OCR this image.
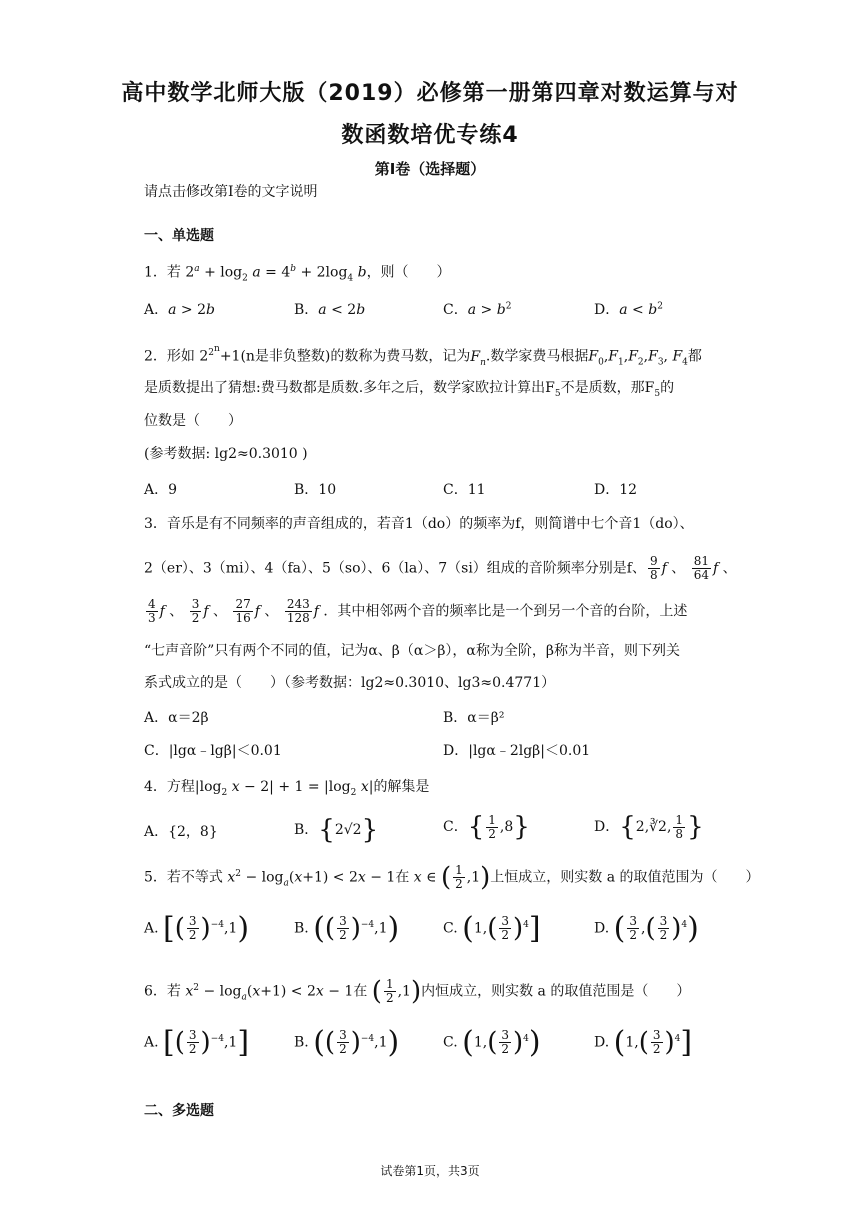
高中数学北师大版（2019）必修第一册第四章对数运算与对
数函数培优专练4
第I卷（选择题）
请点击修改第I卷的文字说明
一、单选题
1．若 $2^a + \log_2 a = 4^b + 2\log_4$ b，则（　　）
A．a > 2b	B．a < 2b	C．$a > b^2$	D．$a < b^2$
2．形如 $2^{2^n}+1(n$是非负整数)的数称为费马数，记为$F_n$.数学家费马根据$F_0,F_1,F_2,F_3$, $F_4$都
是质数提出了猜想:费马数都是质数.多年之后，数学家欧拉计算出$F_5$不是质数，那$F_5$的
位数是（　　）
(参考数据: lg2≈0.3010 )
A．9	B．10	C．11	D．12
3．音乐是有不同频率的声音组成的，若音1（do）的频率为f，则简谱中七个音1（do）、
2（er）、3（mi）、4（fa）、5（so）、6（la）、7（si）组成的音阶频率分别是f、 $\frac{9}{8}$ f 、 $\frac{81}{64}$ f 、
$\frac{4}{3}$ f 、 $\frac{3}{2}$ f 、 $\frac{27}{16}$ f 、 $\frac{243}{128}$ f ．其中相邻两个音的频率比是一个到另一个音的台阶，上述
“七声音阶”只有两个不同的值，记为α、β（α＞β），α称为全阶，β称为半音，则下列关
系式成立的是（　　）（参考数据：lg2≈0.3010、lg3≈0.4771）
A．α＝2β	B．α＝β²
C．|lgα﹣lgβ|＜0.01	D．|lgα﹣2lgβ|＜0.01
4．方程$|\log_2$ $x - 2| + 1 = |\log_2$ x|的解集是
A．{2，8}	B．{2√2}	C．{ $\frac{1}{2} ,8$}	D．{2,∛2, $\frac{1}{8}$ }
5．若不等式 $x^2 - \log_a(x+1) < 2x - 1$在 x ∈ ( $\frac{1}{2} ,1$)上恒成立，则实数 a 的取值范围为（　　）
A. [( $\frac{3}{2} )^{-4},1$)	B. (( $\frac{3}{2} )^{-4},1$)	C. $(1,( \frac{3}{2} )^4]$	D. ( $\frac{3}{2}$ ,( $\frac{3}{2} )^4$)
6．若 $x^2 - \log_a(x+1) < 2x - 1$在 ( $\frac{1}{2} ,1$)内恒成立，则实数 a 的取值范围是（　　）
A. [( $\frac{3}{2} )^{-4},1$]	B. (( $\frac{3}{2} )^{-4},1$)	C. $(1,( \frac{3}{2} )^4)$	D. $(1,( \frac{3}{2} )^4]$
二、多选题
试卷第1页，共3页
